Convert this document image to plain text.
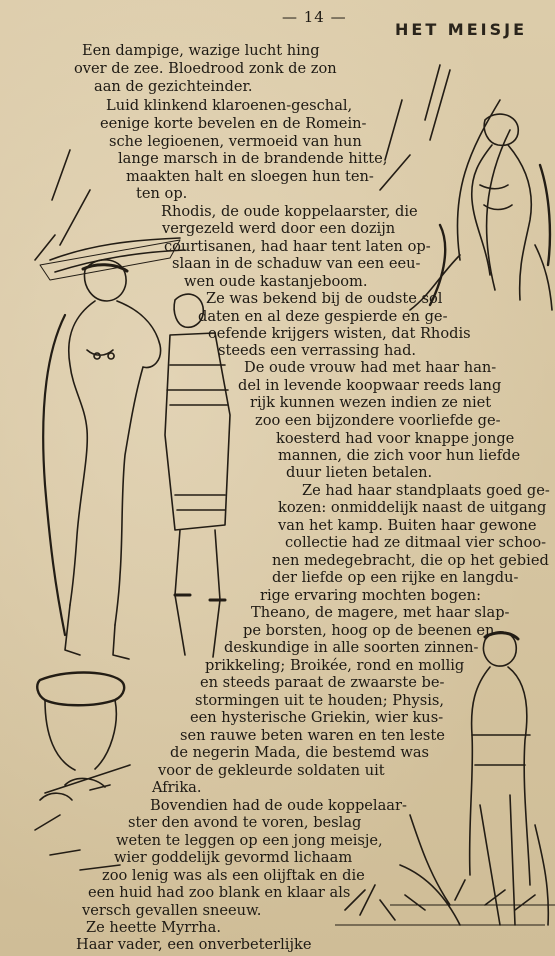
— 14 —
HET MEISJE
Een dampige, wazige lucht hing
over de zee. Bloedrood zonk de zon
aan de gezichteinder.
Luid klinkend klaroenen-geschal,
eenige korte bevelen en de Romein-
sche legioenen, vermoeid van hun
lange marsch in de brandende hitte,
maakten halt en sloegen hun ten-
ten op.
Rhodis, de oude koppelaarster, die
vergezeld werd door een dozijn
courtisanen, had haar tent laten op-
slaan in de schaduw van een eeu-
wen oude kastanjeboom.
Ze was bekend bij de oudste sol
daten en al deze gespierde en ge-
oefende krijgers wisten, dat Rhodis
steeds een verrassing had.
De oude vrouw had met haar han-
del in levende koopwaar reeds lang
rijk kunnen wezen indien ze niet
zoo een bijzondere voorliefde ge-
koesterd had voor knappe jonge
mannen, die zich voor hun liefde
duur lieten betalen.
Ze had haar standplaats goed ge-
kozen: onmiddelijk naast de uitgang
van het kamp. Buiten haar gewone
collectie had ze ditmaal vier schoo-
nen medegebracht, die op het gebied
der liefde op een rijke en langdu-
rige ervaring mochten bogen:
Theano, de magere, met haar slap-
pe borsten, hoog op de beenen en
deskundige in alle soorten zinnen-
prikkeling; Broikée, rond en mollig
en steeds paraat de zwaarste be-
stormingen uit te houden; Physis,
een hysterische Griekin, wier kus-
sen rauwe beten waren en ten leste
de negerin Mada, die bestemd was
voor de gekleurde soldaten uit
Afrika.
Bovendien had de oude koppelaar-
ster den avond te voren, beslag
weten te leggen op een jong meisje,
wier goddelijk gevormd lichaam
zoo lenig was als een olijftak en die
een huid had zoo blank en klaar als
versch gevallen sneeuw.
Ze heette Myrrha.
Haar vader, een onverbeterlijke
